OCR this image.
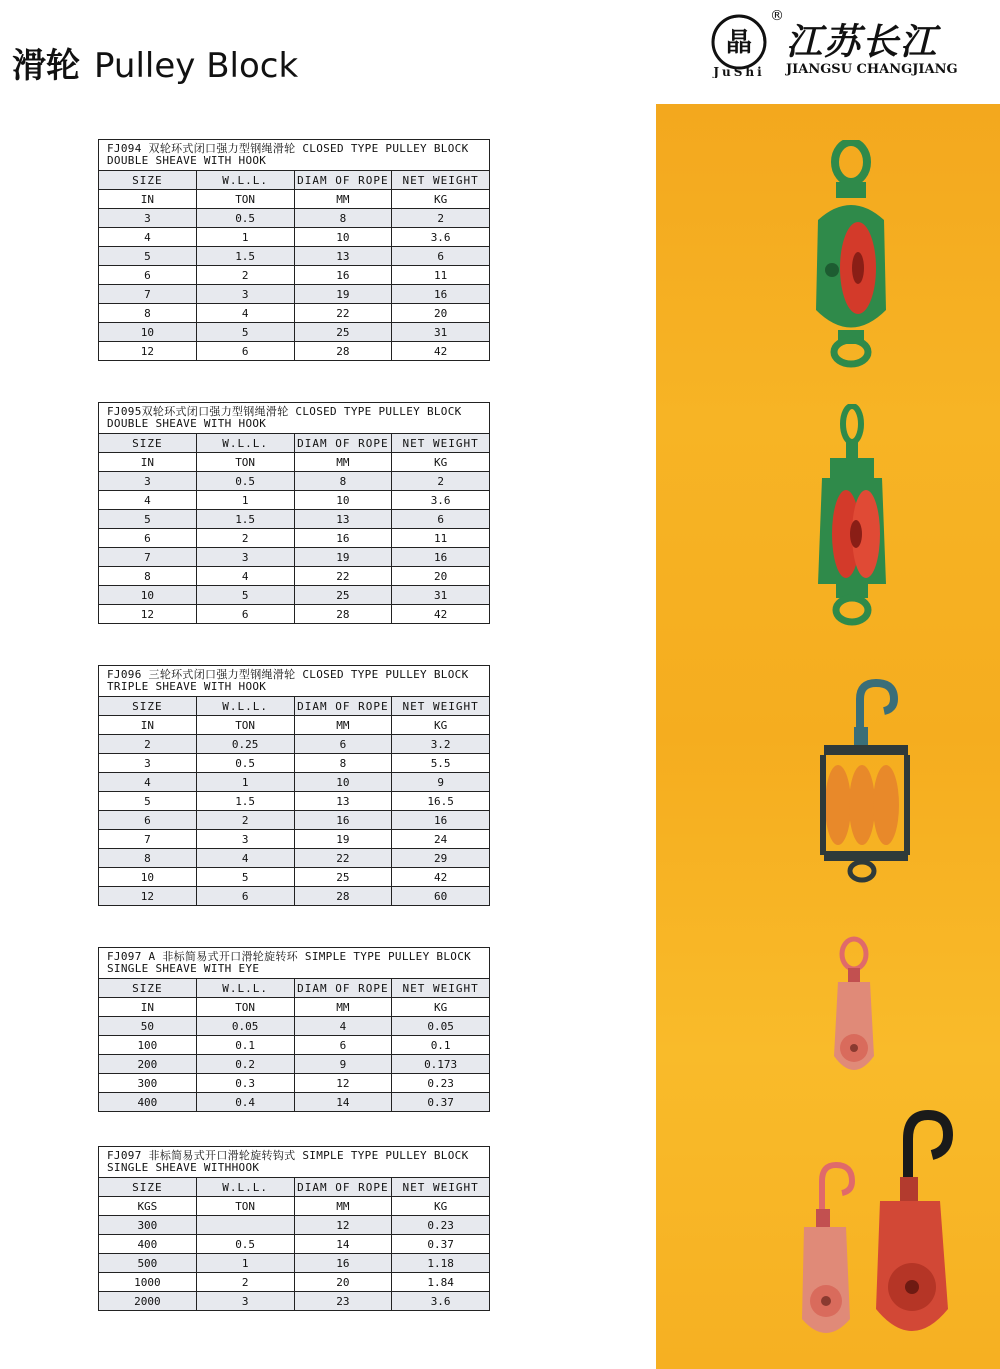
滑轮 Pulley Block
晶
JuShi
®
江苏长江
JIANGSU CHANGJIANG
FJ094 双轮环式闭口强力型钢绳滑轮 CLOSED TYPE PULLEY BLOCK
DOUBLE SHEAVE WITH HOOK			

SIZE	W.L.L.	DIAM OF ROPE	NET WEIGHT
IN	TON	MM	KG
3	0.5	8	2
4	1	10	3.6
5	1.5	13	6
6	2	16	11
7	3	19	16
8	4	22	20
10	5	25	31
12	6	28	42
FJ095双轮环式闭口强力型钢绳滑轮 CLOSED TYPE PULLEY BLOCK
DOUBLE SHEAVE WITH HOOK			

SIZE	W.L.L.	DIAM OF ROPE	NET WEIGHT
IN	TON	MM	KG
3	0.5	8	2
4	1	10	3.6
5	1.5	13	6
6	2	16	11
7	3	19	16
8	4	22	20
10	5	25	31
12	6	28	42
FJ096 三轮环式闭口强力型钢绳滑轮 CLOSED TYPE PULLEY BLOCK
TRIPLE SHEAVE WITH HOOK			

SIZE	W.L.L.	DIAM OF ROPE	NET WEIGHT
IN	TON	MM	KG
2	0.25	6	3.2
3	0.5	8	5.5
4	1	10	9
5	1.5	13	16.5
6	2	16	16
7	3	19	24
8	4	22	29
10	5	25	42
12	6	28	60
FJ097 A 非标简易式开口滑轮旋转环 SIMPLE TYPE PULLEY BLOCK
SINGLE SHEAVE WITH EYE			

SIZE	W.L.L.	DIAM OF ROPE	NET WEIGHT
IN	TON	MM	KG
50	0.05	4	0.05
100	0.1	6	0.1
200	0.2	9	0.173
300	0.3	12	0.23
400	0.4	14	0.37
FJ097 非标简易式开口滑轮旋转钩式 SIMPLE TYPE PULLEY BLOCK
SINGLE SHEAVE WITHHOOK			

SIZE	W.L.L.	DIAM OF ROPE	NET WEIGHT
KGS	TON	MM	KG
300		12	0.23
400	0.5	14	0.37
500	1	16	1.18
1000	2	20	1.84
2000	3	23	3.6
